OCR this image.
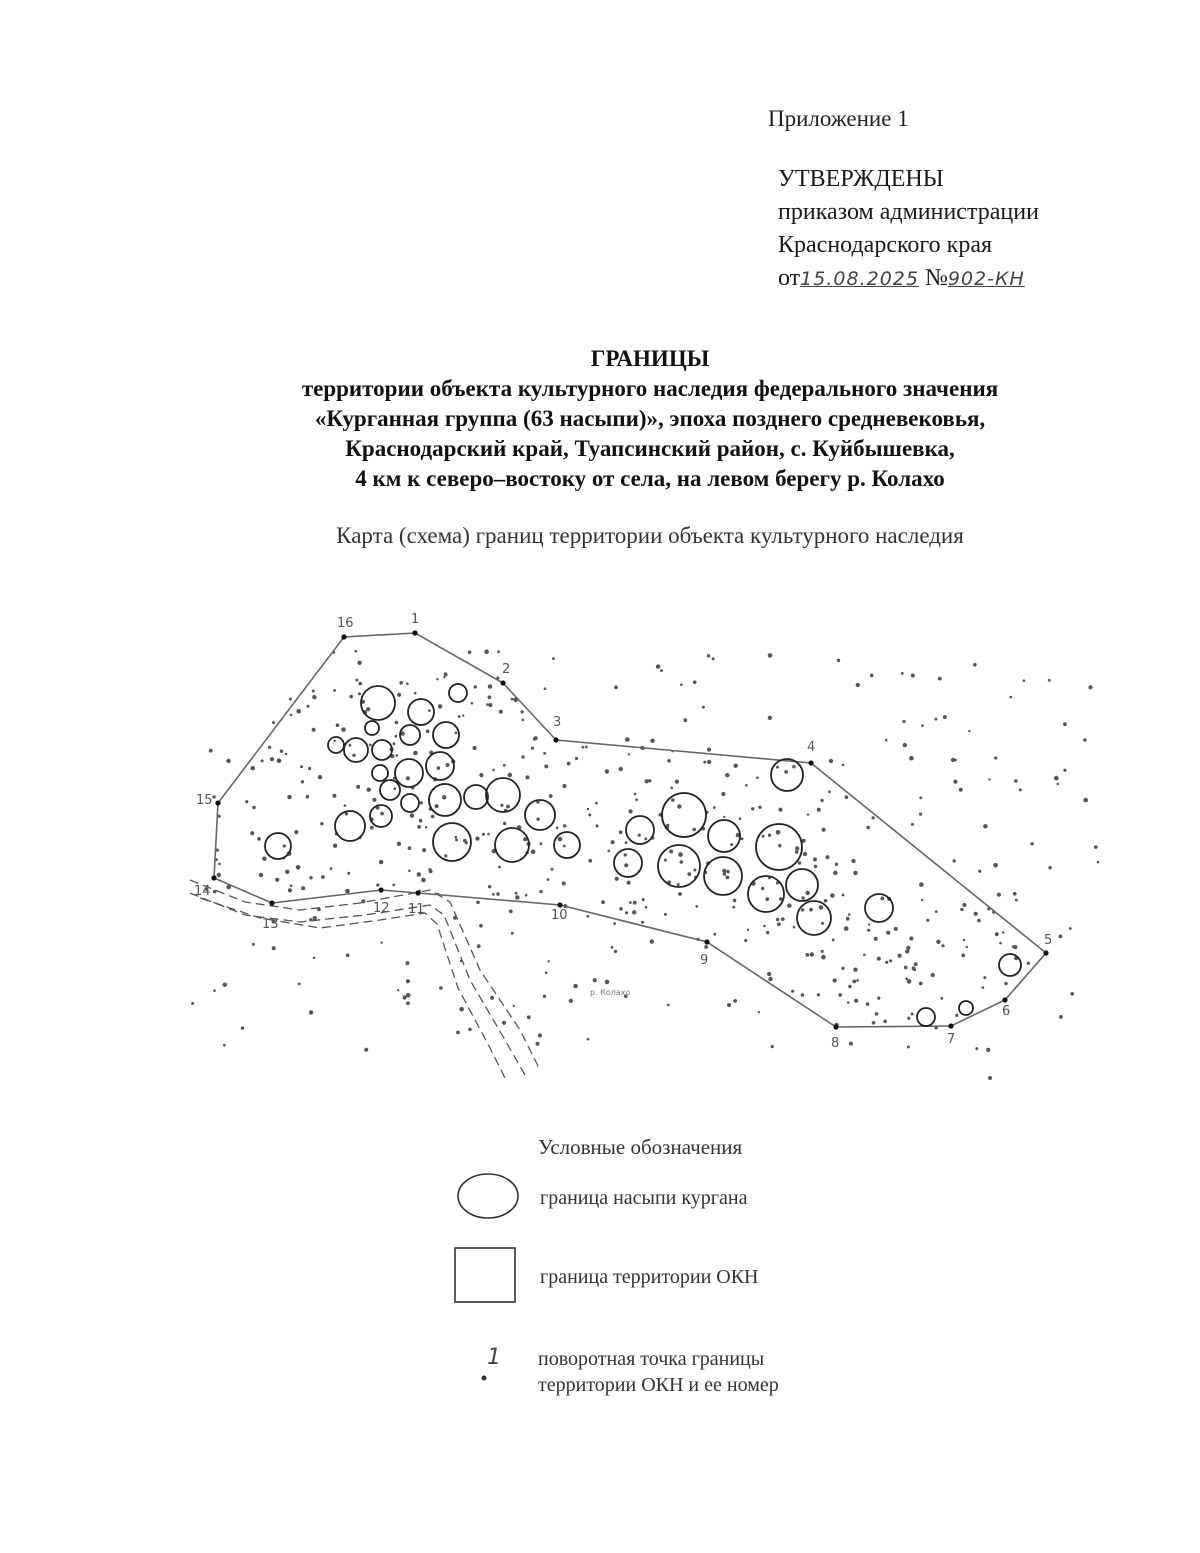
Приложение 1
УТВЕРЖДЕНЫ
приказом администрации
Краснодарского края
от15.08.2025 №902-КН
ГРАНИЦЫ
территории объекта культурного наследия федерального значения
«Курганная группа (63 насыпи)», эпоха позднего средневековья,
Краснодарский край, Туапсинский район, с. Куйбышевка,
4 км к северо–востоку от села, на левом берегу р. Колахо
Карта (схема) границ территории объекта культурного наследия
р. Колахо
1
2
3
4
5
6
7
8
9
10
11
12
13
14
15
16
Условные обозначения
граница насыпи кургана
граница территории ОКН
1 поворотная точка границы
территории ОКН и ее номер
